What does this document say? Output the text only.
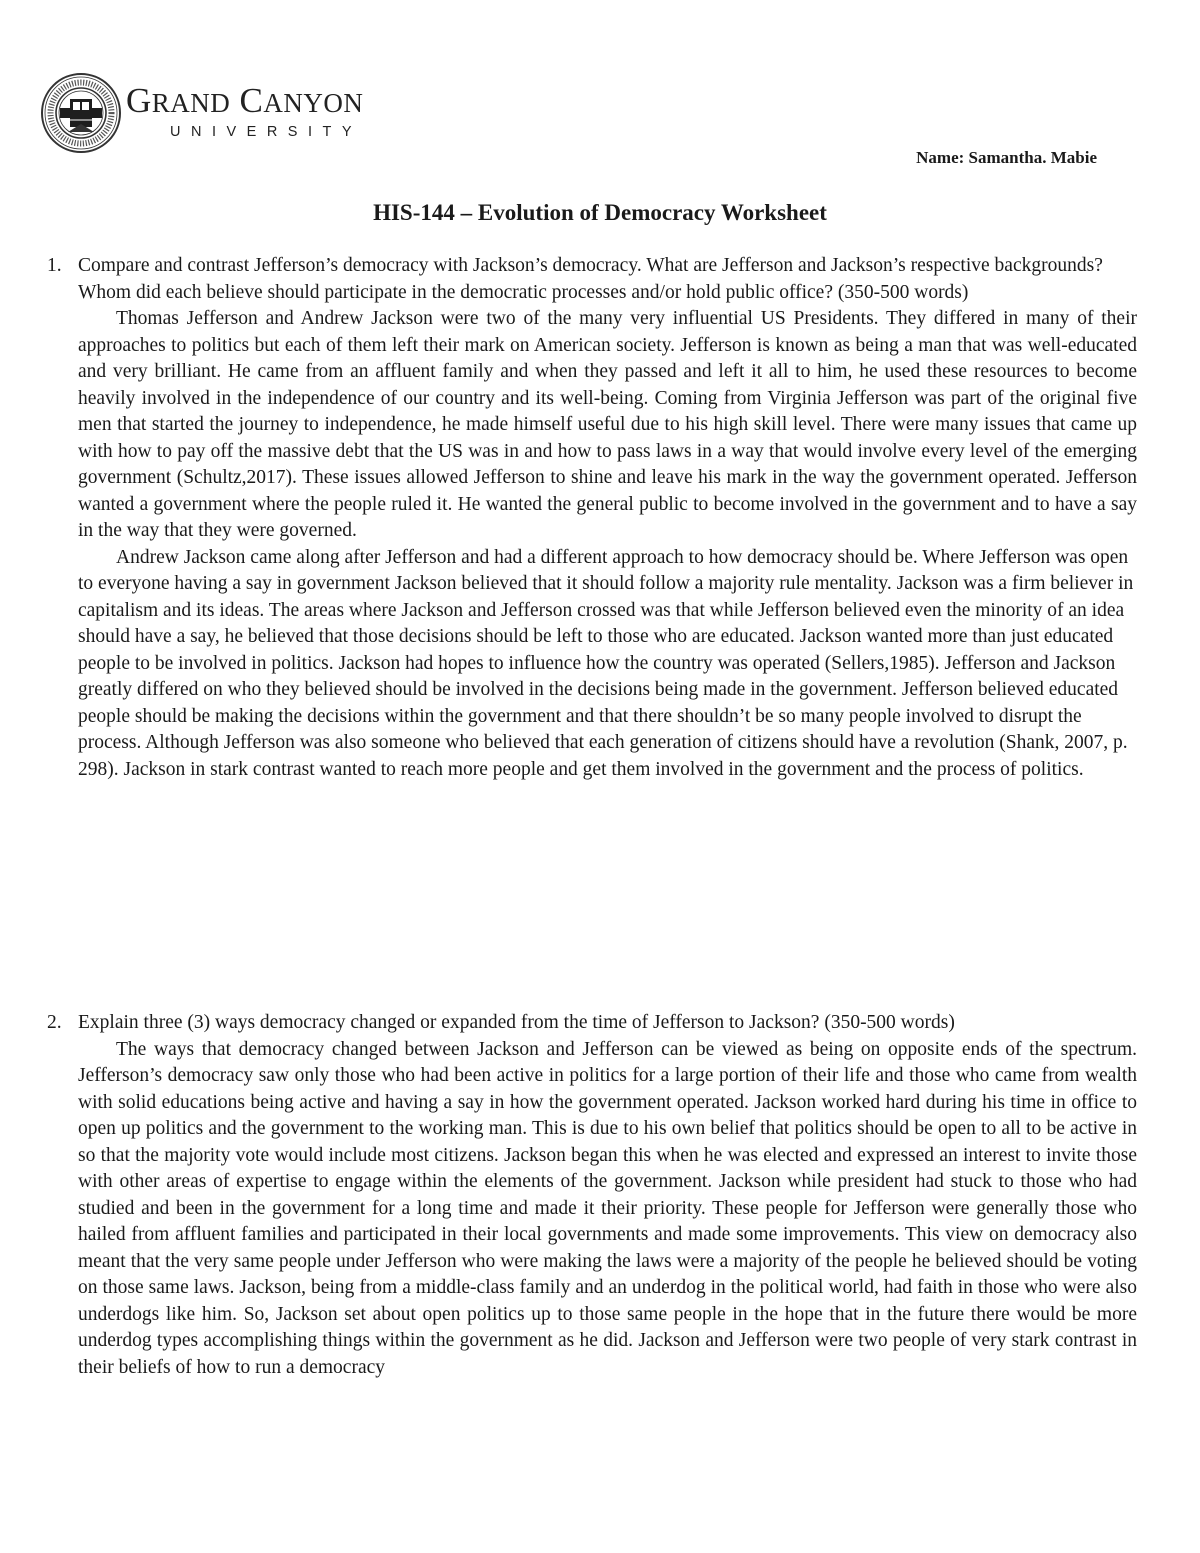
GRAND CANYON
UNIVERSITY
Name: Samantha. Mabie
HIS-144 – Evolution of Democracy Worksheet
1. Compare and contrast Jefferson’s democracy with Jackson’s democracy. What are Jefferson and Jackson’s respective backgrounds? Whom did each believe should participate in the democratic processes and/or hold public office? (350-500 words)

Thomas Jefferson and Andrew Jackson were two of the many very influential US Presidents. They differed in many of their approaches to politics but each of them left their mark on American society. Jefferson is known as being a man that was well-educated and very brilliant. He came from an affluent family and when they passed and left it all to him, he used these resources to become heavily involved in the independence of our country and its well-being. Coming from Virginia Jefferson was part of the original five men that started the journey to independence, he made himself useful due to his high skill level. There were many issues that came up with how to pay off the massive debt that the US was in and how to pass laws in a way that would involve every level of the emerging government (Schultz,2017). These issues allowed Jefferson to shine and leave his mark in the way the government operated. Jefferson wanted a government where the people ruled it. He wanted the general public to become involved in the government and to have a say in the way that they were governed.

Andrew Jackson came along after Jefferson and had a different approach to how democracy should be. Where Jefferson was open to everyone having a say in government Jackson believed that it should follow a majority rule mentality. Jackson was a firm believer in capitalism and its ideas. The areas where Jackson and Jefferson crossed was that while Jefferson believed even the minority of an idea should have a say, he believed that those decisions should be left to those who are educated. Jackson wanted more than just educated people to be involved in politics. Jackson had hopes to influence how the country was operated (Sellers,1985). Jefferson and Jackson greatly differed on who they believed should be involved in the decisions being made in the government. Jefferson believed educated people should be making the decisions within the government and that there shouldn’t be so many people involved to disrupt the process. Although Jefferson was also someone who believed that each generation of citizens should have a revolution (Shank, 2007, p. 298). Jackson in stark contrast wanted to reach more people and get them involved in the government and the process of politics.

2. Explain three (3) ways democracy changed or expanded from the time of Jefferson to Jackson? (350-500 words)

The ways that democracy changed between Jackson and Jefferson can be viewed as being on opposite ends of the spectrum. Jefferson’s democracy saw only those who had been active in politics for a large portion of their life and those who came from wealth with solid educations being active and having a say in how the government operated. Jackson worked hard during his time in office to open up politics and the government to the working man. This is due to his own belief that politics should be open to all to be active in so that the majority vote would include most citizens. Jackson began this when he was elected and expressed an interest to invite those with other areas of expertise to engage within the elements of the government. Jackson while president had stuck to those who had studied and been in the government for a long time and made it their priority. These people for Jefferson were generally those who hailed from affluent families and participated in their local governments and made some improvements. This view on democracy also meant that the very same people under Jefferson who were making the laws were a majority of the people he believed should be voting on those same laws. Jackson, being from a middle-class family and an underdog in the political world, had faith in those who were also underdogs like him. So, Jackson set about open politics up to those same people in the hope that in the future there would be more underdog types accomplishing things within the government as he did. Jackson and Jefferson were two people of very stark contrast in their beliefs of how to run a democracy
